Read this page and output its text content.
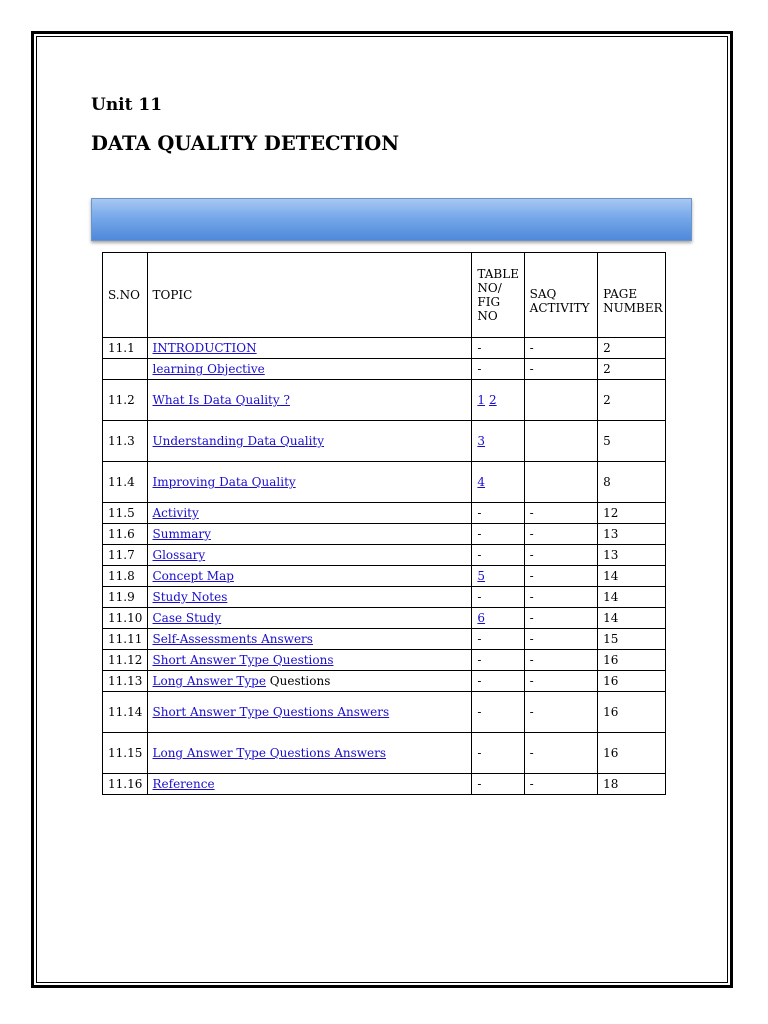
Unit 11
DATA QUALITY DETECTION
S.NO	TOPIC	TABLE
NO/
FIG
NO	SAQ
ACTIVITY	PAGE
NUMBER
11.1	INTRODUCTION	-	-	2
	learning Objective	-	-	2
11.2	What Is Data Quality ?	1 2		2
11.3	Understanding Data Quality	3		5
11.4	Improving Data Quality	4		8
11.5	Activity	-	-	12
11.6	Summary	-	-	13
11.7	Glossary	-	-	13
11.8	Concept Map	5	-	14
11.9	Study Notes	-	-	14
11.10	Case Study	6	-	14
11.11	Self-Assessments Answers	-	-	15
11.12	Short Answer Type Questions	-	-	16
11.13	Long Answer Type Questions	-	-	16
11.14	Short Answer Type Questions Answers	-	-	16
11.15	Long Answer Type Questions Answers	-	-	16
11.16	Reference	-	-	18
